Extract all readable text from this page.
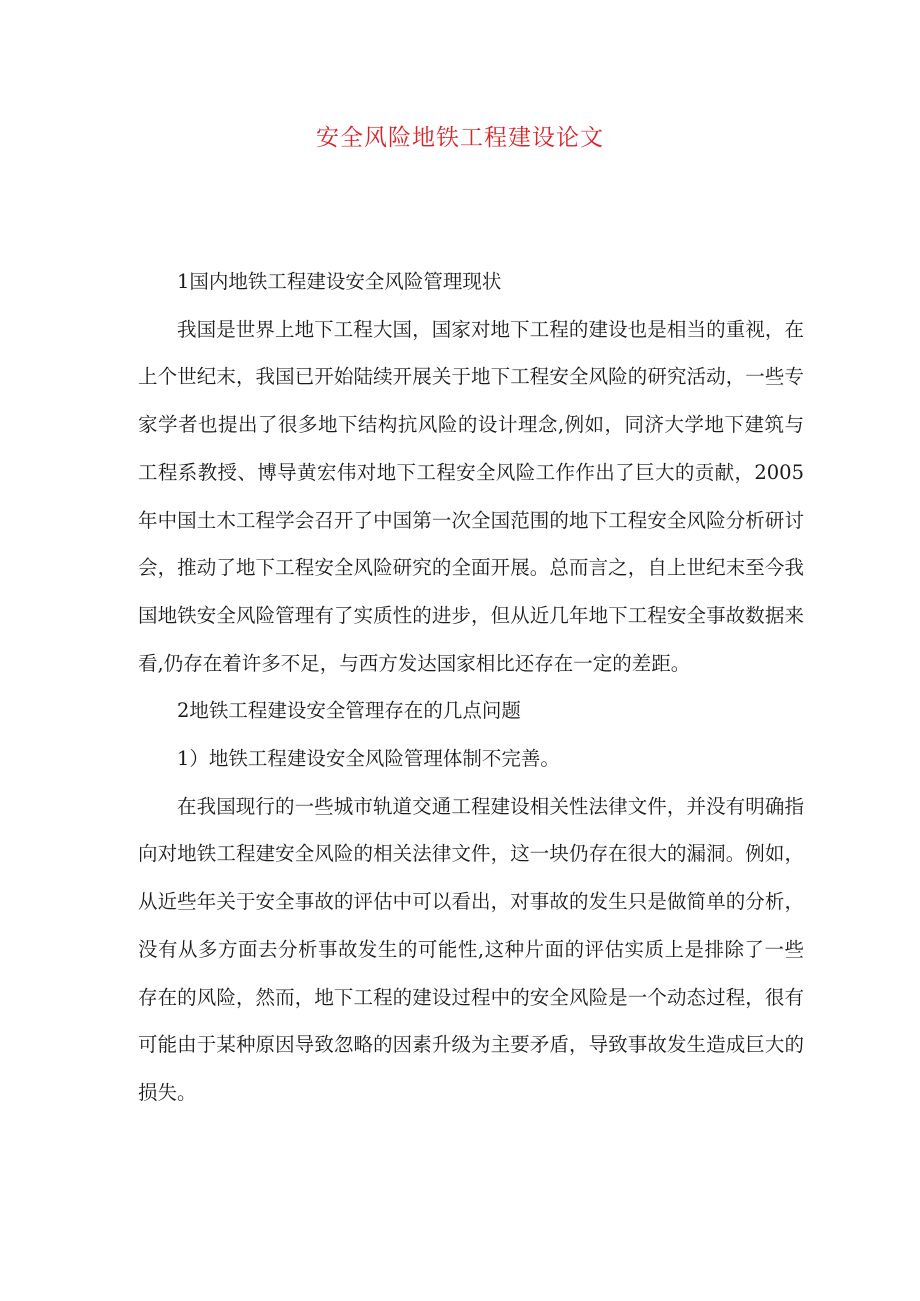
安全风险地铁工程建设论文

1国内地铁工程建设安全风险管理现状

我国是世界上地下工程大国，国家对地下工程的建设也是相当的重视，在上个世纪末，我国已开始陆续开展关于地下工程安全风险的研究活动，一些专家学者也提出了很多地下结构抗风险的设计理念,例如，同济大学地下建筑与工程系教授、博导黄宏伟对地下工程安全风险工作作出了巨大的贡献，2005年中国土木工程学会召开了中国第一次全国范围的地下工程安全风险分析研讨会，推动了地下工程安全风险研究的全面开展。总而言之，自上世纪末至今我国地铁安全风险管理有了实质性的进步，但从近几年地下工程安全事故数据来看,仍存在着许多不足，与西方发达国家相比还存在一定的差距。

2地铁工程建设安全管理存在的几点问题

1）地铁工程建设安全风险管理体制不完善。

在我国现行的一些城市轨道交通工程建设相关性法律文件，并没有明确指向对地铁工程建安全风险的相关法律文件，这一块仍存在很大的漏洞。例如，从近些年关于安全事故的评估中可以看出，对事故的发生只是做简单的分析，没有从多方面去分析事故发生的可能性,这种片面的评估实质上是排除了一些存在的风险，然而，地下工程的建设过程中的安全风险是一个动态过程，很有可能由于某种原因导致忽略的因素升级为主要矛盾，导致事故发生造成巨大的损失。
